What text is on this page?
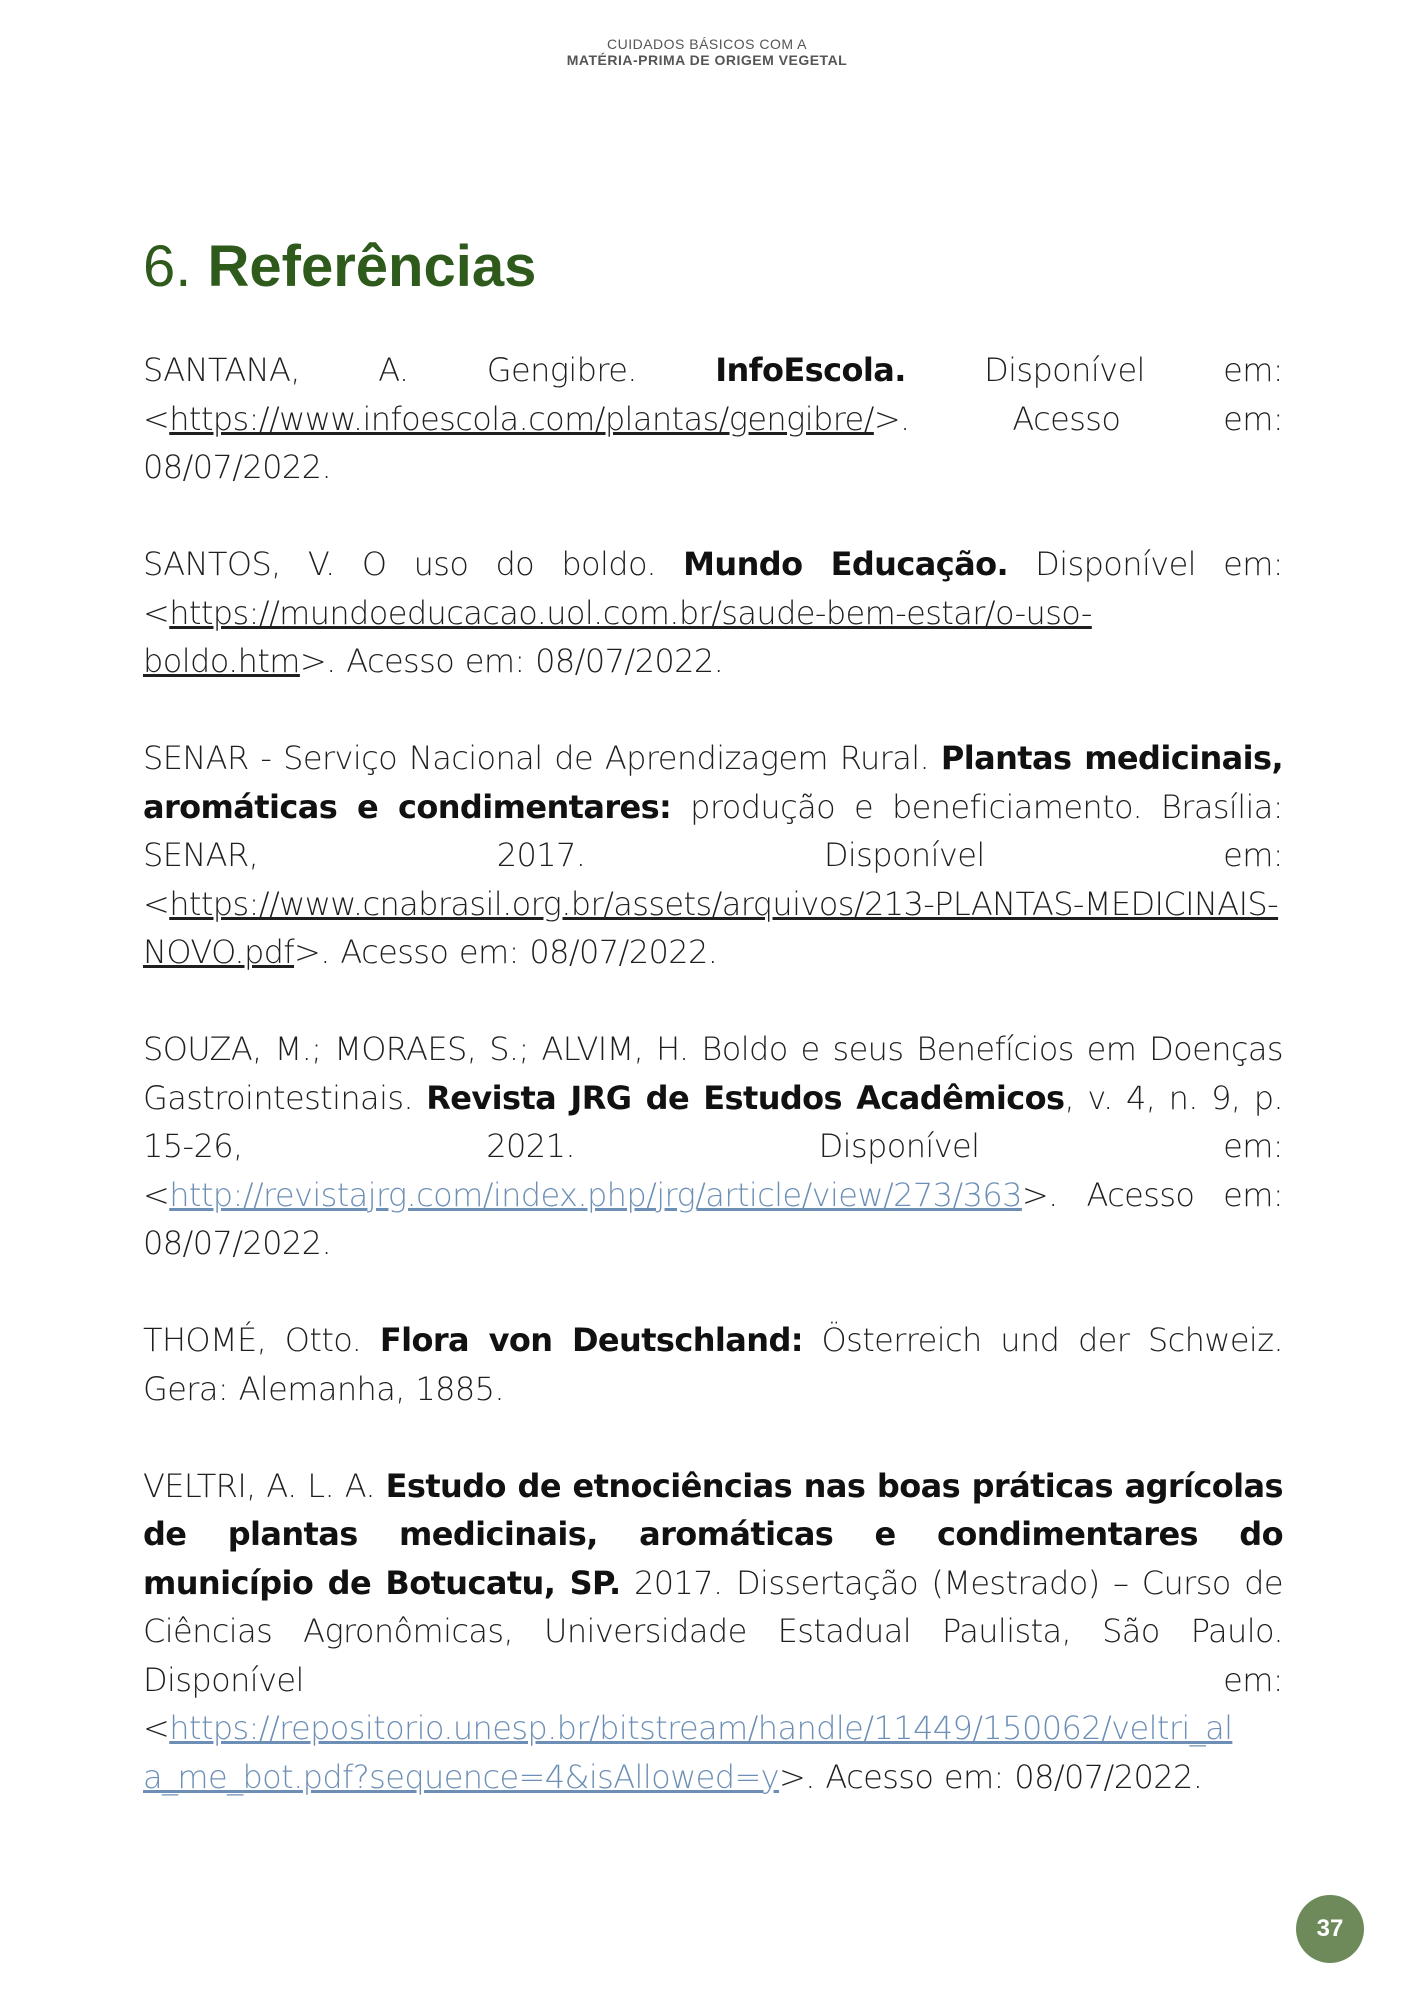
CUIDADOS BÁSICOS COM A
MATÉRIA-PRIMA DE ORIGEM VEGETAL
6. Referências

SANTANA, A. Gengibre. InfoEscola. Disponível em: <https://www.infoescola.com/plantas/gengibre/>. Acesso em: 08/07/2022.

SANTOS, V. O uso do boldo. Mundo Educação. Disponível em: <https://mundoeducacao.uol.com.br/saude-bem-estar/o-uso-boldo.htm>. Acesso em: 08/07/2022.

SENAR - Serviço Nacional de Aprendizagem Rural. Plantas medicinais, aromáticas e condimentares: produção e beneficiamento. Brasília: SENAR, 2017. Disponível em: <https://www.cnabrasil.org.br/assets/arquivos/213-PLANTAS-MEDICINAIS-NOVO.pdf>. Acesso em: 08/07/2022.

SOUZA, M.; MORAES, S.; ALVIM, H. Boldo e seus Benefícios em Doenças Gastrointestinais. Revista JRG de Estudos Acadêmicos, v. 4, n. 9, p. 15-26, 2021. Disponível em: <http://revistajrg.com/index.php/jrg/article/view/273/363>. Acesso em: 08/07/2022.

THOMÉ, Otto. Flora von Deutschland: Österreich und der Schweiz. Gera: Alemanha, 1885.

VELTRI, A. L. A. Estudo de etnociências nas boas práticas agrícolas de plantas medicinais, aromáticas e condimentares do município de Botucatu, SP. 2017. Dissertação (Mestrado) – Curso de Ciências Agronômicas, Universidade Estadual Paulista, São Paulo. Disponível em: <https://repositorio.unesp.br/bitstream/handle/11449/150062/veltri_al
a_me_bot.pdf?sequence=4&isAllowed=y>. Acesso em: 08/07/2022.

37
